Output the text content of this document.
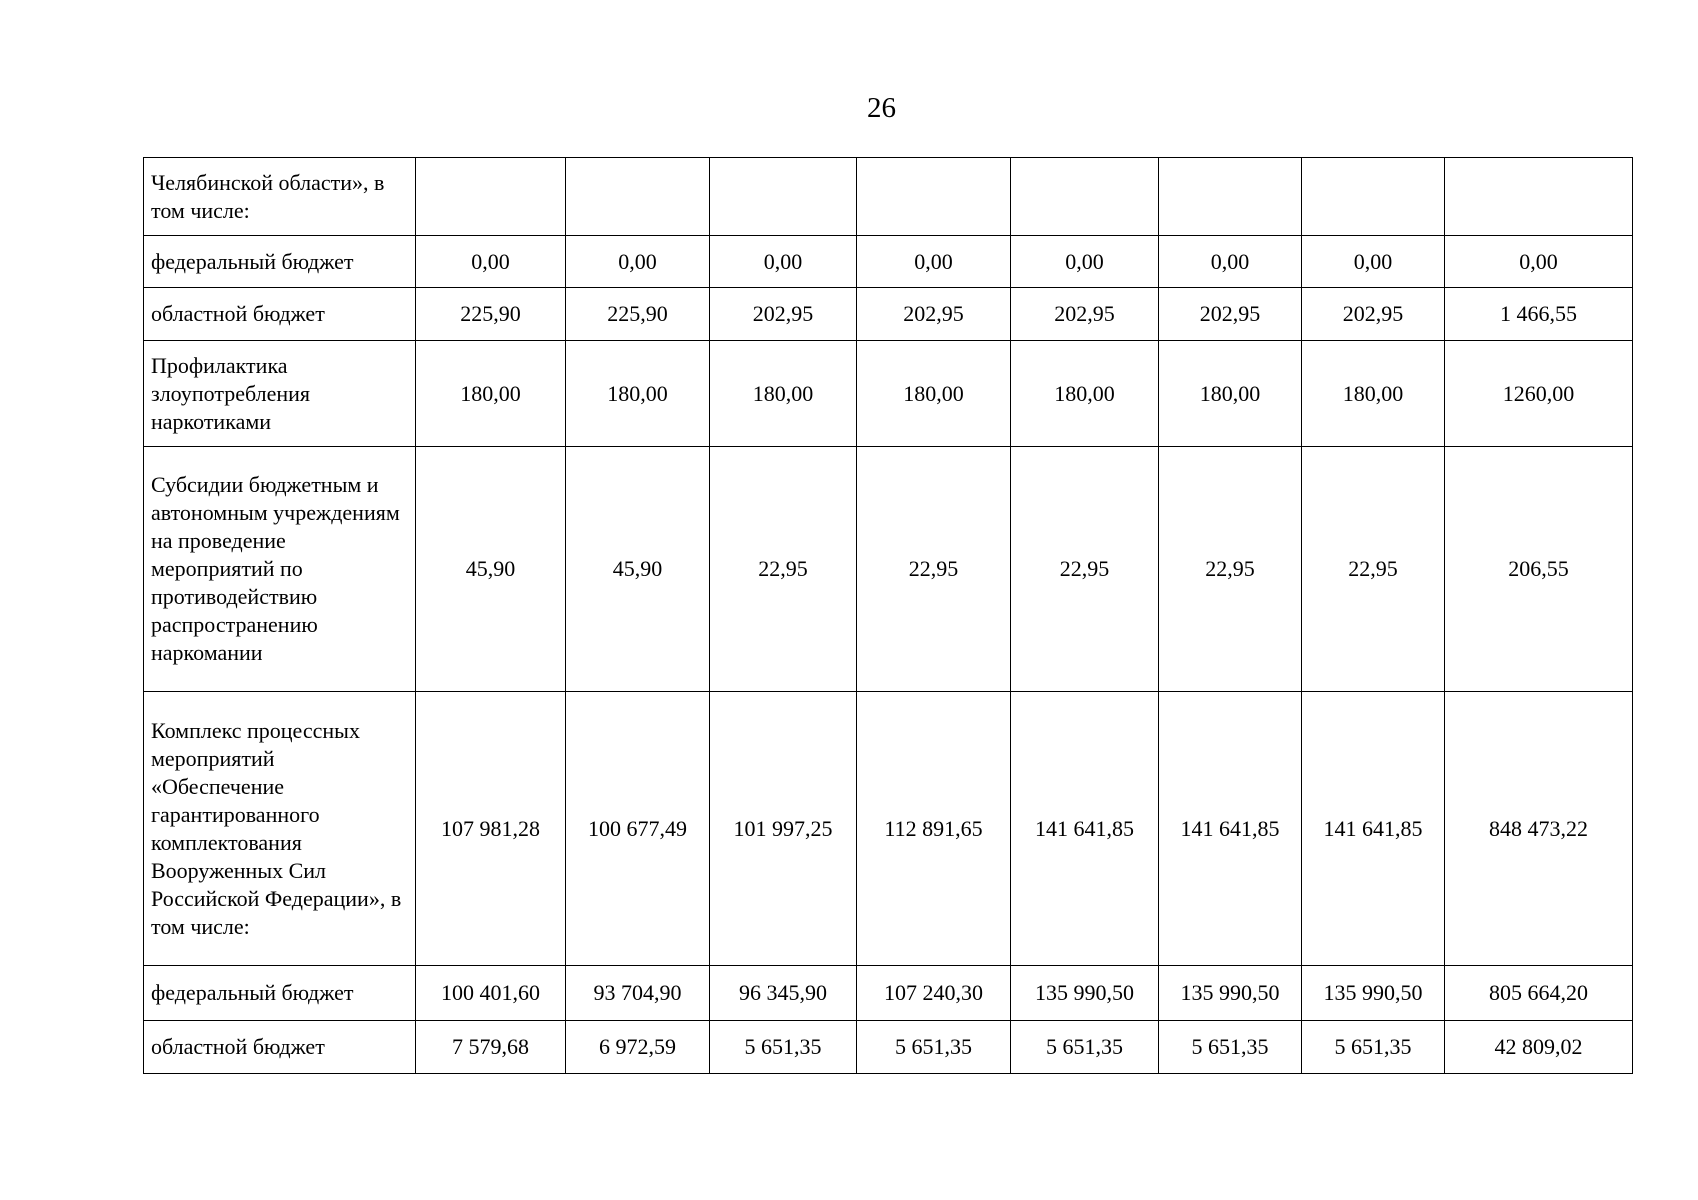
26
Челябинской области», в том числе:								
федеральный бюджет	0,00	0,00	0,00	0,00	0,00	0,00	0,00	0,00
областной бюджет	225,90	225,90	202,95	202,95	202,95	202,95	202,95	1 466,55
Профилактика злоупотребления наркотиками	180,00	180,00	180,00	180,00	180,00	180,00	180,00	1260,00
Субсидии бюджетным и автономным учреждениям на проведение мероприятий по противодействию распространению наркомании	45,90	45,90	22,95	22,95	22,95	22,95	22,95	206,55
Комплекс процессных мероприятий «Обеспечение гарантированного комплектования Вооруженных Сил Российской Федерации», в том числе:	107 981,28	100 677,49	101 997,25	112 891,65	141 641,85	141 641,85	141 641,85	848 473,22
федеральный бюджет	100 401,60	93 704,90	96 345,90	107 240,30	135 990,50	135 990,50	135 990,50	805 664,20
областной бюджет	7 579,68	6 972,59	5 651,35	5 651,35	5 651,35	5 651,35	5 651,35	42 809,02
